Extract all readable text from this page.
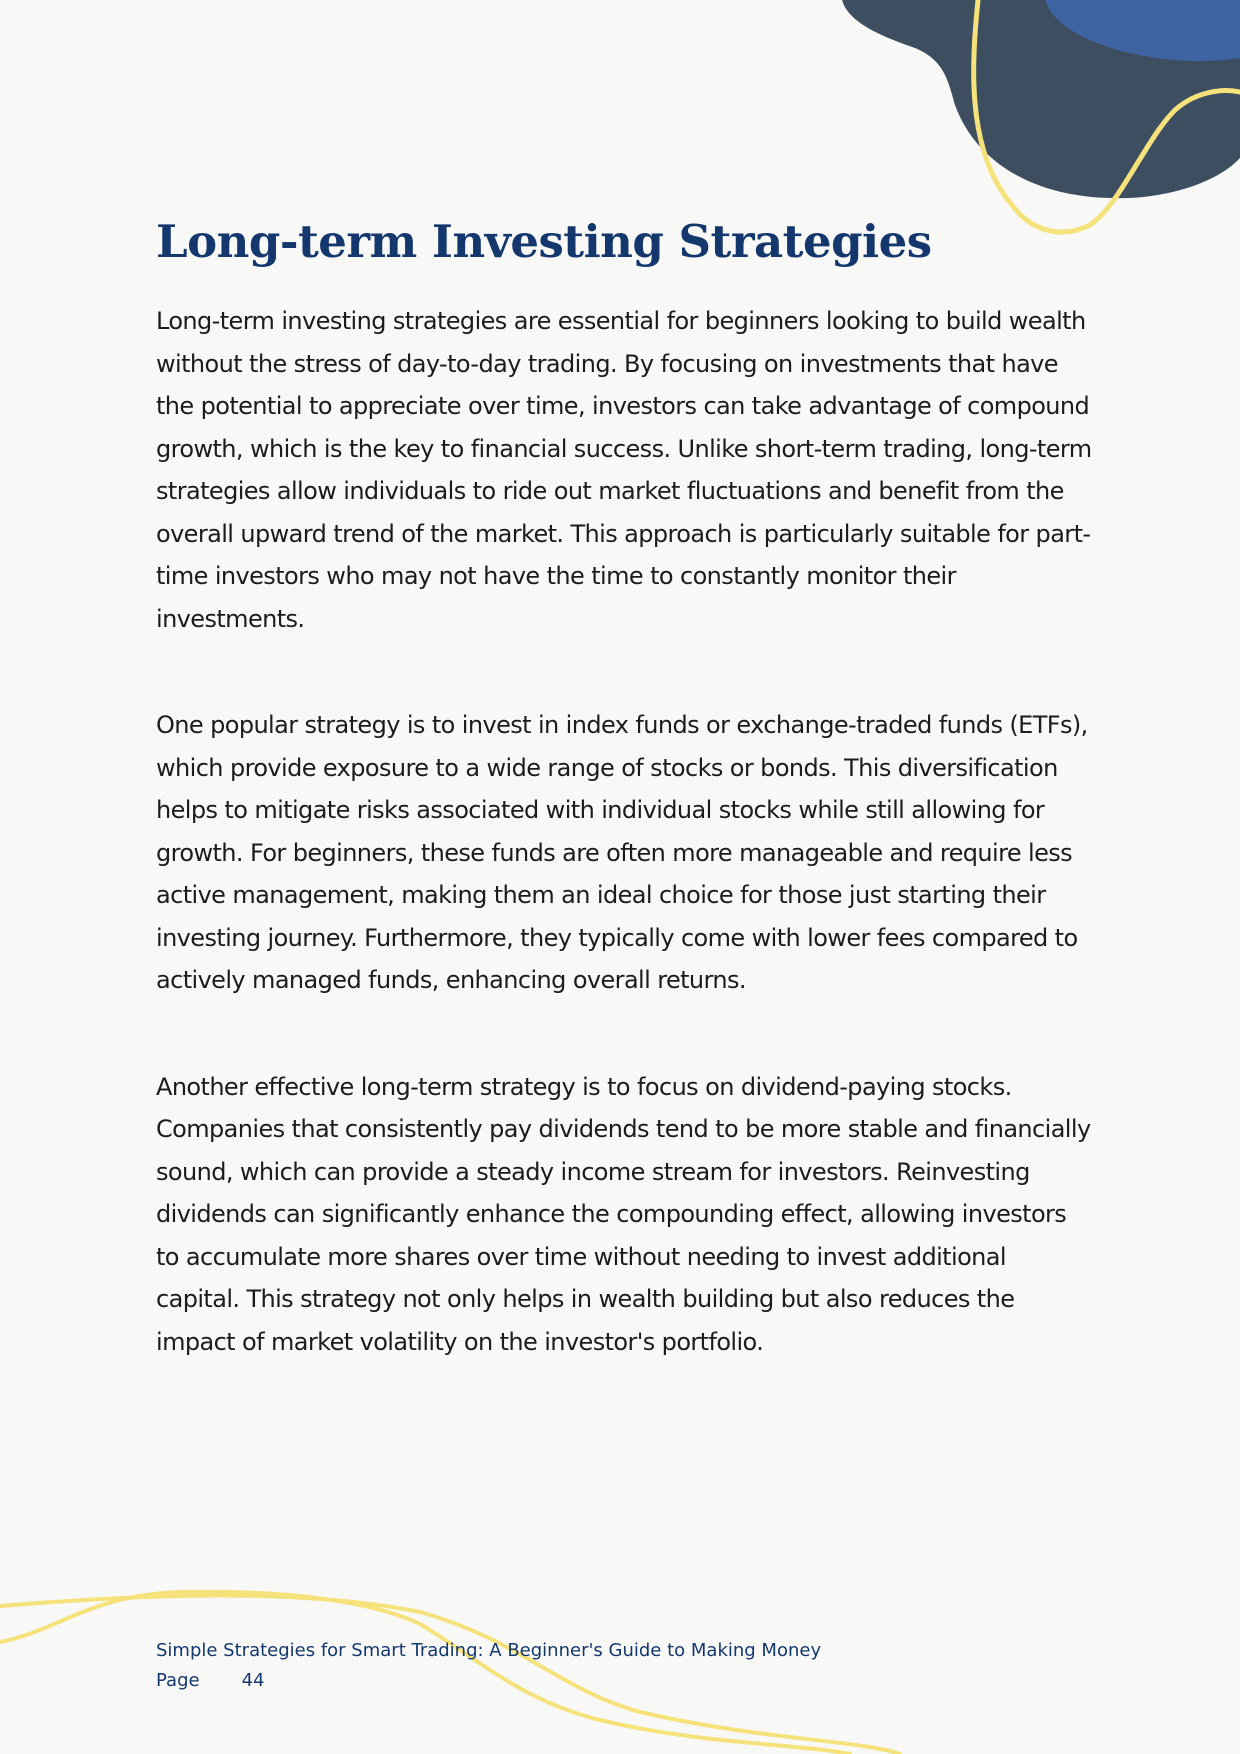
Long-term Investing Strategies

Long-term investing strategies are essential for beginners looking to build wealth without the stress of day-to-day trading. By focusing on investments that have the potential to appreciate over time, investors can take advantage of compound growth, which is the key to financial success. Unlike short-term trading, long-term strategies allow individuals to ride out market fluctuations and benefit from the overall upward trend of the market. This approach is particularly suitable for part-time investors who may not have the time to constantly monitor their investments.

One popular strategy is to invest in index funds or exchange-traded funds (ETFs), which provide exposure to a wide range of stocks or bonds. This diversification helps to mitigate risks associated with individual stocks while still allowing for growth. For beginners, these funds are often more manageable and require less active management, making them an ideal choice for those just starting their investing journey. Furthermore, they typically come with lower fees compared to actively managed funds, enhancing overall returns.

Another effective long-term strategy is to focus on dividend-paying stocks. Companies that consistently pay dividends tend to be more stable and financially sound, which can provide a steady income stream for investors. Reinvesting dividends can significantly enhance the compounding effect, allowing investors to accumulate more shares over time without needing to invest additional capital. This strategy not only helps in wealth building but also reduces the impact of market volatility on the investor's portfolio.

Simple Strategies for Smart Trading: A Beginner's Guide to Making Money
Page 44
